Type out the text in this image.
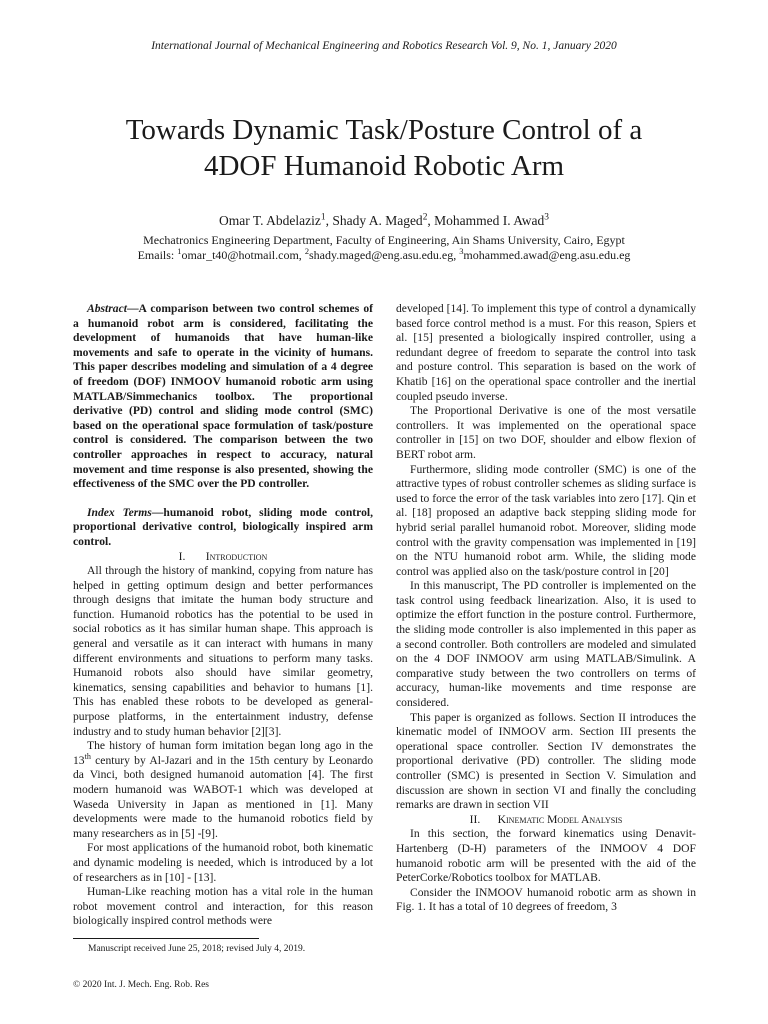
International Journal of Mechanical Engineering and Robotics Research Vol. 9, No. 1, January 2020
Towards Dynamic Task/Posture Control of a
4DOF Humanoid Robotic Arm
Omar T. Abdelaziz$^1$, Shady A. Maged$^2$, Mohammed I. Awad$^3$
Mechatronics Engineering Department, Faculty of Engineering, Ain Shams University, Cairo, Egypt
Emails: $^1$omar_t40@hotmail.com, $^2$shady.maged@eng.asu.edu.eg, $^3$mohammed.awad@eng.asu.edu.eg

Abstract—A comparison between two control schemes of a humanoid robot arm is considered, facilitating the development of humanoids that have human-like movements and safe to operate in the vicinity of humans. This paper describes modeling and simulation of a 4 degree of freedom (DOF) INMOOV humanoid robotic arm using MATLAB/Simmechanics toolbox. The proportional derivative (PD) control and sliding mode control (SMC) based on the operational space formulation of task/posture control is considered. The comparison between the two controller approaches in respect to accuracy, natural movement and time response is also presented, showing the effectiveness of the SMC over the PD controller.

Index Terms—humanoid robot, sliding mode control, proportional derivative control, biologically inspired arm control.

I. Introduction

All through the history of mankind, copying from nature has helped in getting optimum design and better performances through designs that imitate the human body structure and function. Humanoid robotics has the potential to be used in social robotics as it has similar human shape. This approach is general and versatile as it can interact with humans in many different environments and situations to perform many tasks. Humanoid robots also should have similar geometry, kinematics, sensing capabilities and behavior to humans [1]. This has enabled these robots to be developed as general-purpose platforms, in the entertainment industry, defense industry and to study human behavior [2][3].

The history of human form imitation began long ago in the 13th century by Al-Jazari and in the 15th century by Leonardo da Vinci, both designed humanoid automation [4]. The first modern humanoid was WABOT-1 which was developed at Waseda University in Japan as mentioned in [1]. Many developments were made to the humanoid robotics field by many researchers as in [5] -[9].

For most applications of the humanoid robot, both kinematic and dynamic modeling is needed, which is introduced by a lot of researchers as in [10] - [13].

Human-Like reaching motion has a vital role in the human robot movement control and interaction, for this reason biologically inspired control methods were

developed [14]. To implement this type of control a dynamically based force control method is a must. For this reason, Spiers et al. [15] presented a biologically inspired controller, using a redundant degree of freedom to separate the control into task and posture control. This separation is based on the work of Khatib [16] on the operational space controller and the inertial coupled pseudo inverse.

The Proportional Derivative is one of the most versatile controllers. It was implemented on the operational space controller in [15] on two DOF, shoulder and elbow flexion of BERT robot arm.

Furthermore, sliding mode controller (SMC) is one of the attractive types of robust controller schemes as sliding surface is used to force the error of the task variables into zero [17]. Qin et al. [18] proposed an adaptive back stepping sliding mode for hybrid serial parallel humanoid robot. Moreover, sliding mode control with the gravity compensation was implemented in [19] on the NTU humanoid robot arm. While, the sliding mode control was applied also on the task/posture control in [20]

In this manuscript, The PD controller is implemented on the task control using feedback linearization. Also, it is used to optimize the effort function in the posture control. Furthermore, the sliding mode controller is also implemented in this paper as a second controller. Both controllers are modeled and simulated on the 4 DOF INMOOV arm using MATLAB/Simulink. A comparative study between the two controllers on terms of accuracy, human-like movements and time response are considered.

This paper is organized as follows. Section II introduces the kinematic model of INMOOV arm. Section III presents the operational space controller. Section IV demonstrates the proportional derivative (PD) controller. The sliding mode controller (SMC) is presented in Section V. Simulation and discussion are shown in section VI and finally the concluding remarks are drawn in section VII

II. Kinematic Model Analysis

In this section, the forward kinematics using Denavit-Hartenberg (D-H) parameters of the INMOOV 4 DOF humanoid robotic arm will be presented with the aid of the PeterCorke/Robotics toolbox for MATLAB.

Consider the INMOOV humanoid robotic arm as shown in Fig. 1. It has a total of 10 degrees of freedom, 3

Manuscript received June 25, 2018; revised July 4, 2019.
© 2020 Int. J. Mech. Eng. Rob. Res
